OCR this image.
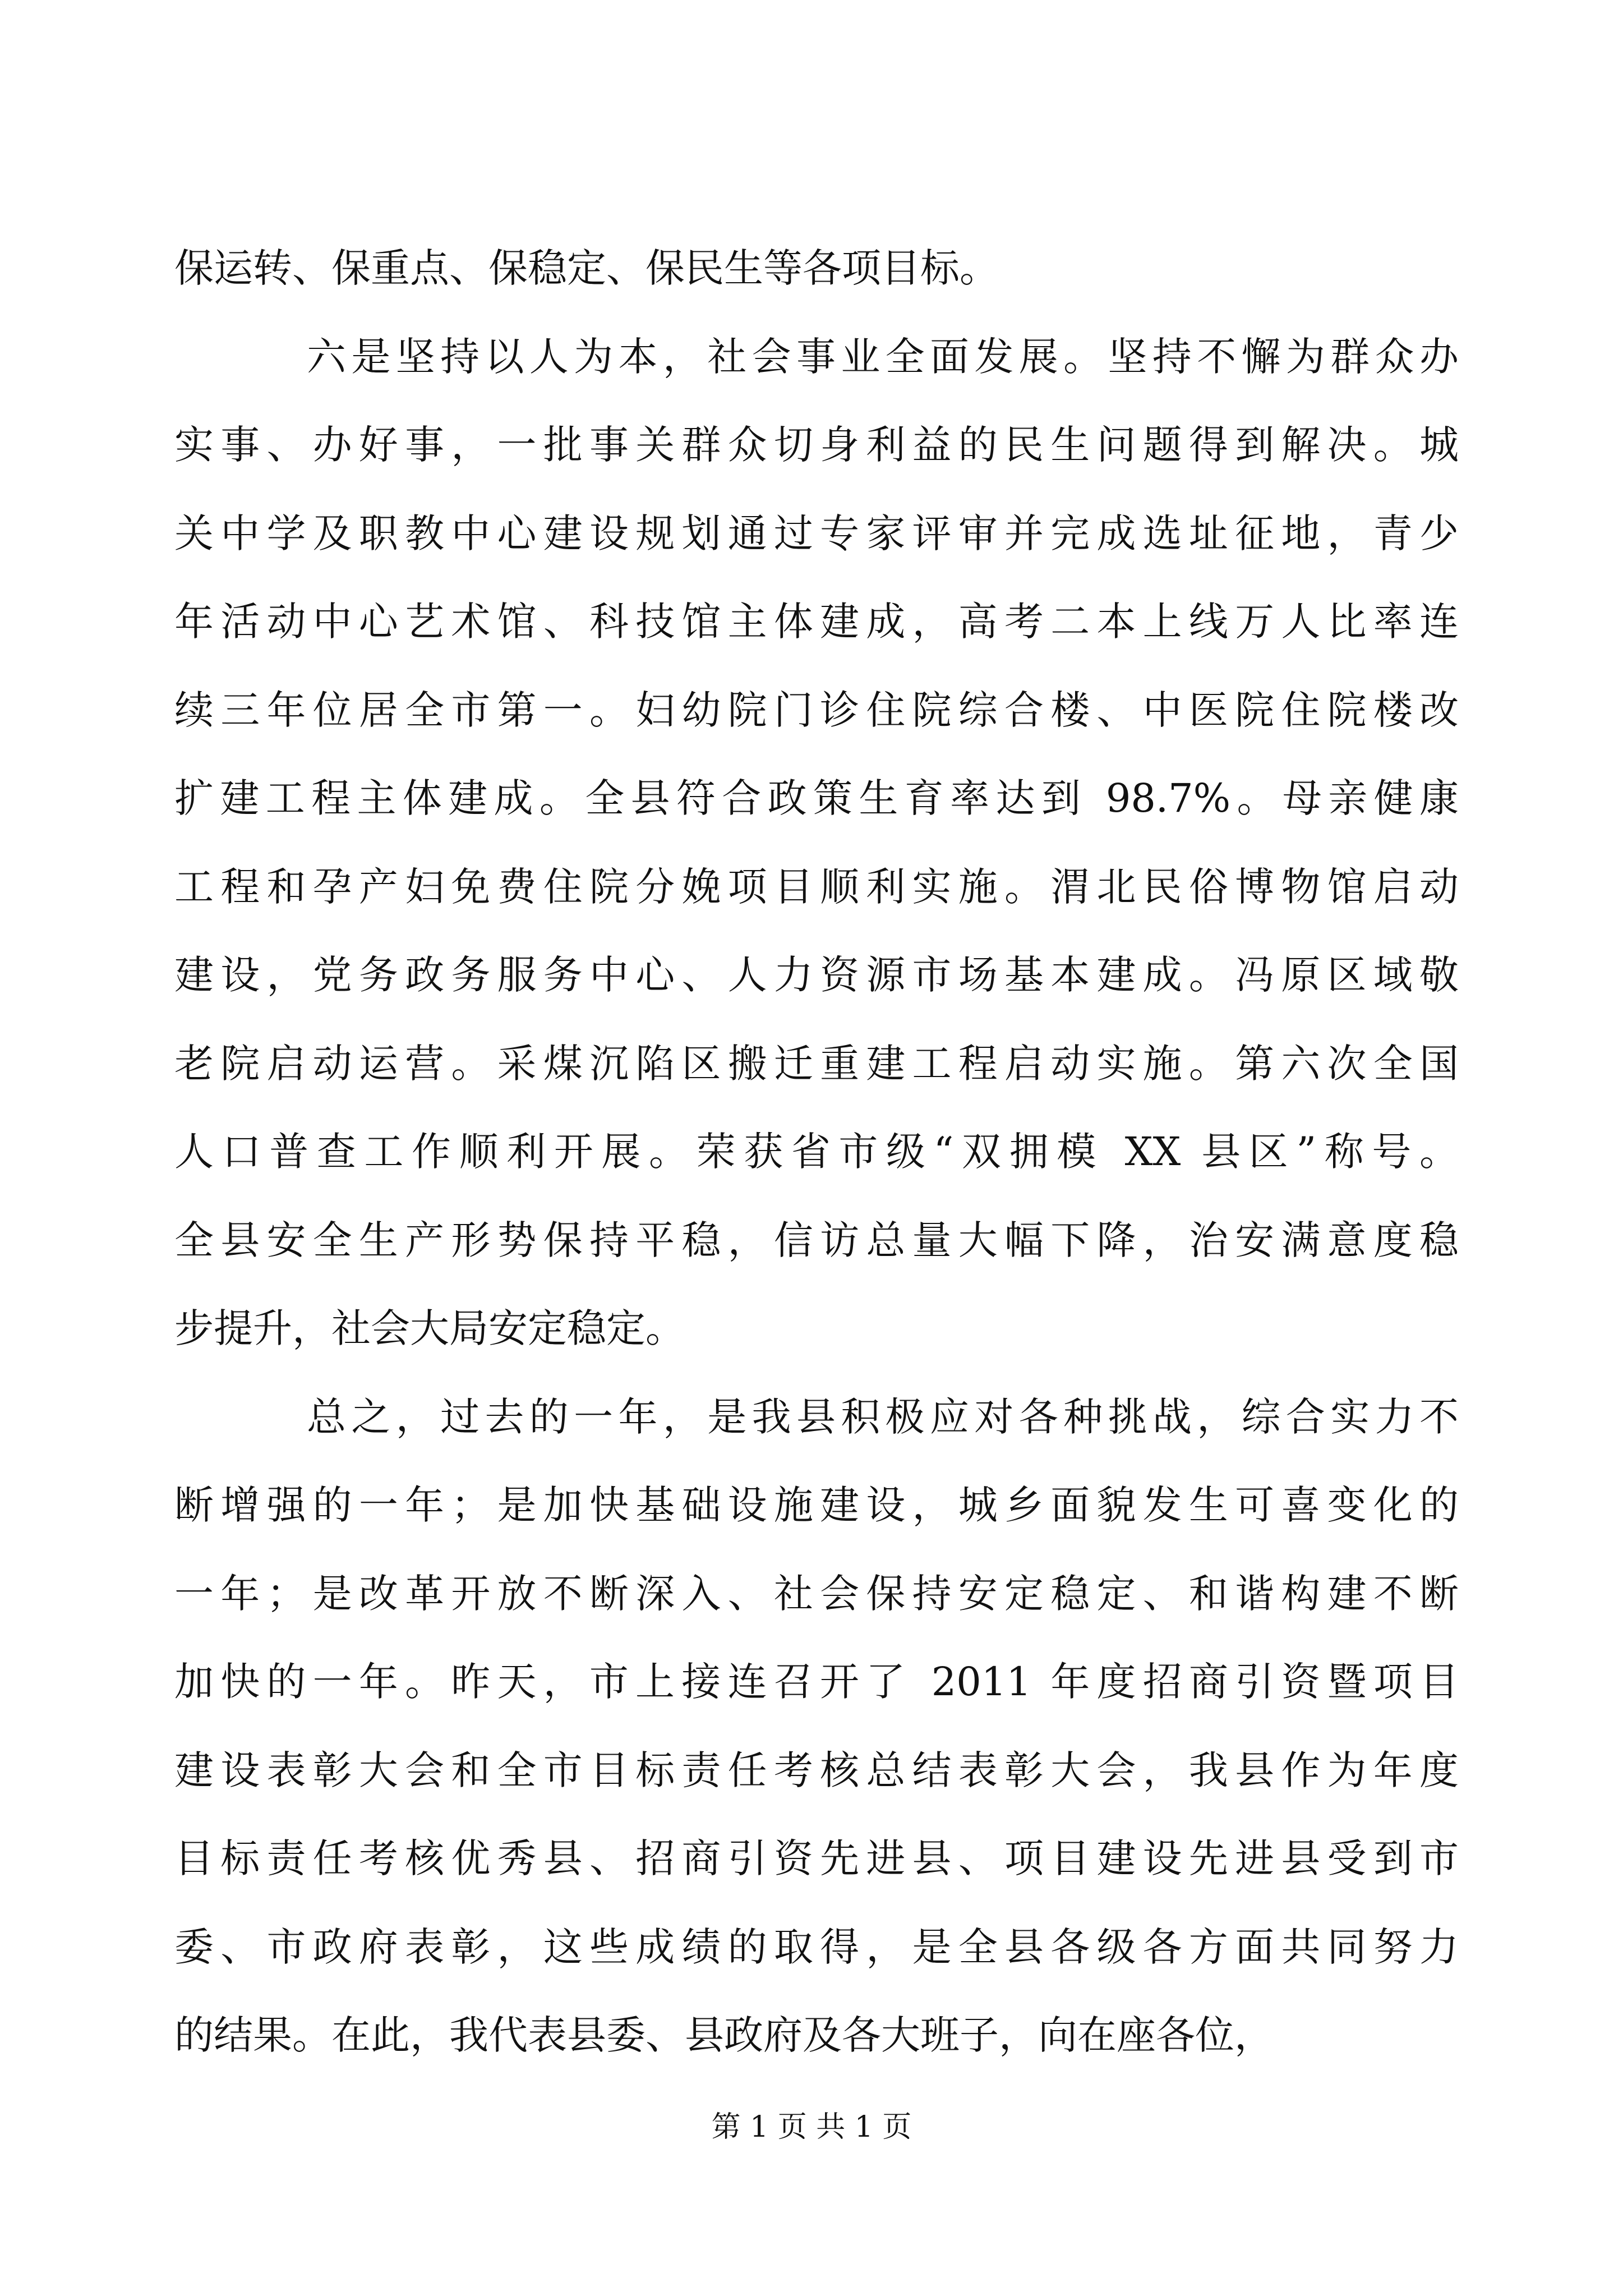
保运转、保重点、保稳定、保民生等各项目标。
六是坚持以人为本，社会事业全面发展。坚持不懈为群众办
实事、办好事，一批事关群众切身利益的民生问题得到解决。城
关中学及职教中心建设规划通过专家评审并完成选址征地，青少
年活动中心艺术馆、科技馆主体建成，高考二本上线万人比率连
续三年位居全市第一。妇幼院门诊住院综合楼、中医院住院楼改
扩建工程主体建成。全县符合政策生育率达到 98.7%。母亲健康
工程和孕产妇免费住院分娩项目顺利实施。渭北民俗博物馆启动
建设，党务政务服务中心、人力资源市场基本建成。冯原区域敬
老院启动运营。采煤沉陷区搬迁重建工程启动实施。第六次全国
人口普查工作顺利开展。荣获省市级“双拥模 XX 县区”称号。
全县安全生产形势保持平稳，信访总量大幅下降，治安满意度稳
步提升，社会大局安定稳定。
总之，过去的一年，是我县积极应对各种挑战，综合实力不
断增强的一年；是加快基础设施建设，城乡面貌发生可喜变化的
一年；是改革开放不断深入、社会保持安定稳定、和谐构建不断
加快的一年。昨天，市上接连召开了 2011 年度招商引资暨项目
建设表彰大会和全市目标责任考核总结表彰大会，我县作为年度
目标责任考核优秀县、招商引资先进县、项目建设先进县受到市
委、市政府表彰，这些成绩的取得，是全县各级各方面共同努力
的结果。在此，我代表县委、县政府及各大班子，向在座各位，
第 1 页 共 1 页
